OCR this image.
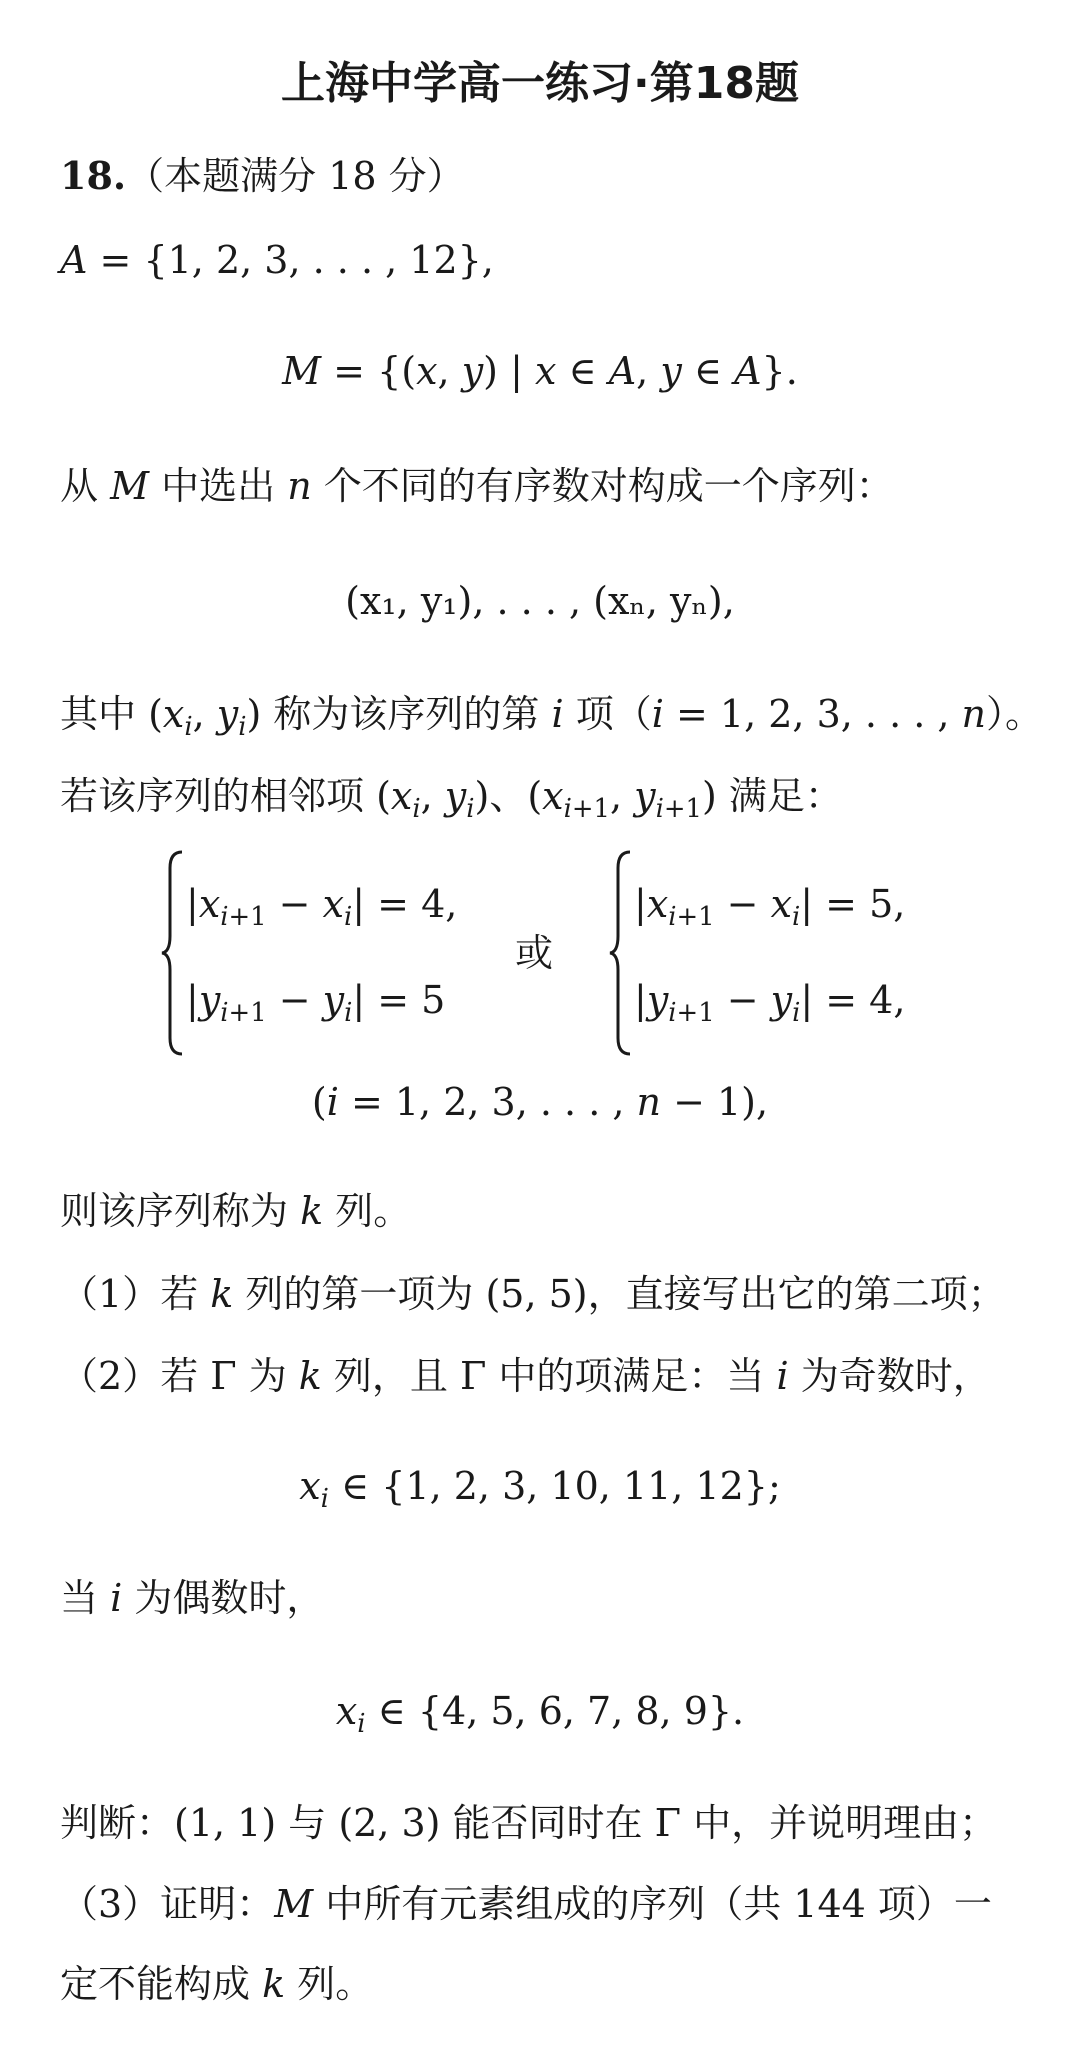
上海中学高一练习·第18题
18.（本题满分 18 分）
A = {1, 2, 3, . . . , 12},
M = {(x, y) | x ∈ A, y ∈ A}.
从 M 中选出 n 个不同的有序数对构成一个序列：
(x₁, y₁), . . . , (xₙ, yₙ),
其中 ($x_i$, $y_i$) 称为该序列的第 i 项（i = 1, 2, 3, . . . , n）。
若该序列的相邻项 ($x_i$, $y_i$)、($x_{i+1}$, $y_{i+1}$) 满足：
$|x_{i+1} - x_i| = 4$,
$|y_{i+1} - y_i| = 5$
或
$|x_{i+1} - x_i| = 5$,
$|y_{i+1} - y_i| = 4$,
(i = 1, 2, 3, . . . , n − 1),
则该序列称为 k 列。
（1）若 k 列的第一项为 (5, 5)，直接写出它的第二项；
（2）若 Γ 为 k 列，且 Γ 中的项满足：当 i 为奇数时，
$x_i$ ∈ {1, 2, 3, 10, 11, 12};
当 i 为偶数时，
$x_i$ ∈ {4, 5, 6, 7, 8, 9}.
判断：(1, 1) 与 (2, 3) 能否同时在 Γ 中，并说明理由；
（3）证明：M 中所有元素组成的序列（共 144 项）一
定不能构成 k 列。
